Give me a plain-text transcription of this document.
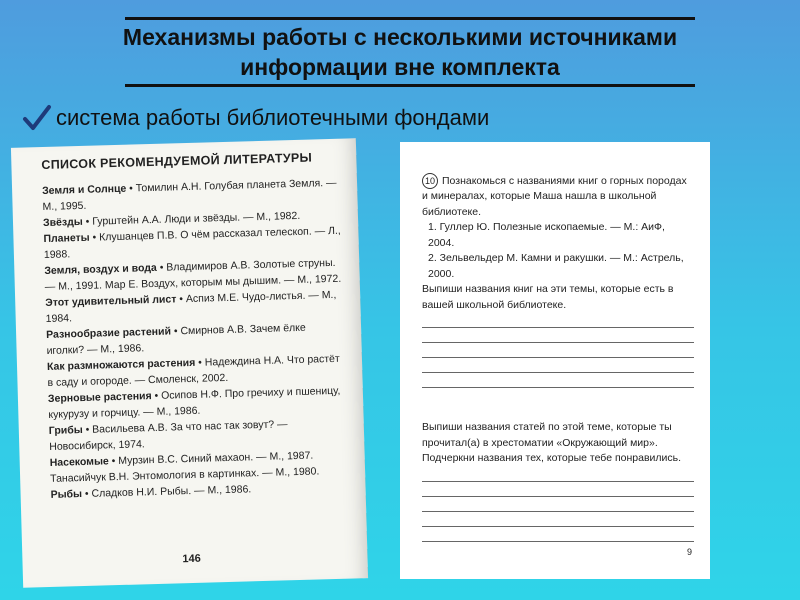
Механизмы работы с несколькими источниками
информации вне комплекта
система работы библиотечными фондами
СПИСОК РЕКОМЕНДУЕМОЙ ЛИТЕРАТУРЫ
Земля и Солнце • Томилин А.Н. Голубая планета Земля. — М., 1995.
Звёзды • Гурштейн А.А. Люди и звёзды. — М., 1982.
Планеты • Клушанцев П.В. О чём рассказал телескоп. — Л., 1988.
Земля, воздух и вода • Владимиров А.В. Золотые струны. — М., 1991. Мар Е. Воздух, которым мы дышим. — М., 1972.
Этот удивительный лист • Аспиз М.Е. Чудо-листья. — М., 1984.
Разнообразие растений • Смирнов А.В. Зачем ёлке иголки? — М., 1986.
Как размножаются растения • Надеждина Н.А. Что растёт в саду и огороде. — Смоленск, 2002.
Зерновые растения • Осипов Н.Ф. Про гречиху и пшеницу, кукурузу и горчицу. — М., 1986.
Грибы • Васильева А.В. За что нас так зовут? — Новосибирск, 1974.
Насекомые • Мурзин В.С. Синий махаон. — М., 1987. Танасийчук В.Н. Энтомология в картинках. — М., 1980.
Рыбы • Сладков Н.И. Рыбы. — М., 1986.
146
10 Познакомься с названиями книг о горных породах и минералах, которые Маша нашла в школьной библиотеке.
1. Гуллер Ю. Полезные ископаемые. — М.: АиФ, 2004.
2. Зельвельдер М. Камни и ракушки. — М.: Астрель, 2000.
Выпиши названия книг на эти темы, которые есть в вашей школьной библиотеке.
Выпиши названия статей по этой теме, которые ты прочитал(а) в хрестоматии «Окружающий мир». Подчеркни названия тех, которые тебе понравились.
9
